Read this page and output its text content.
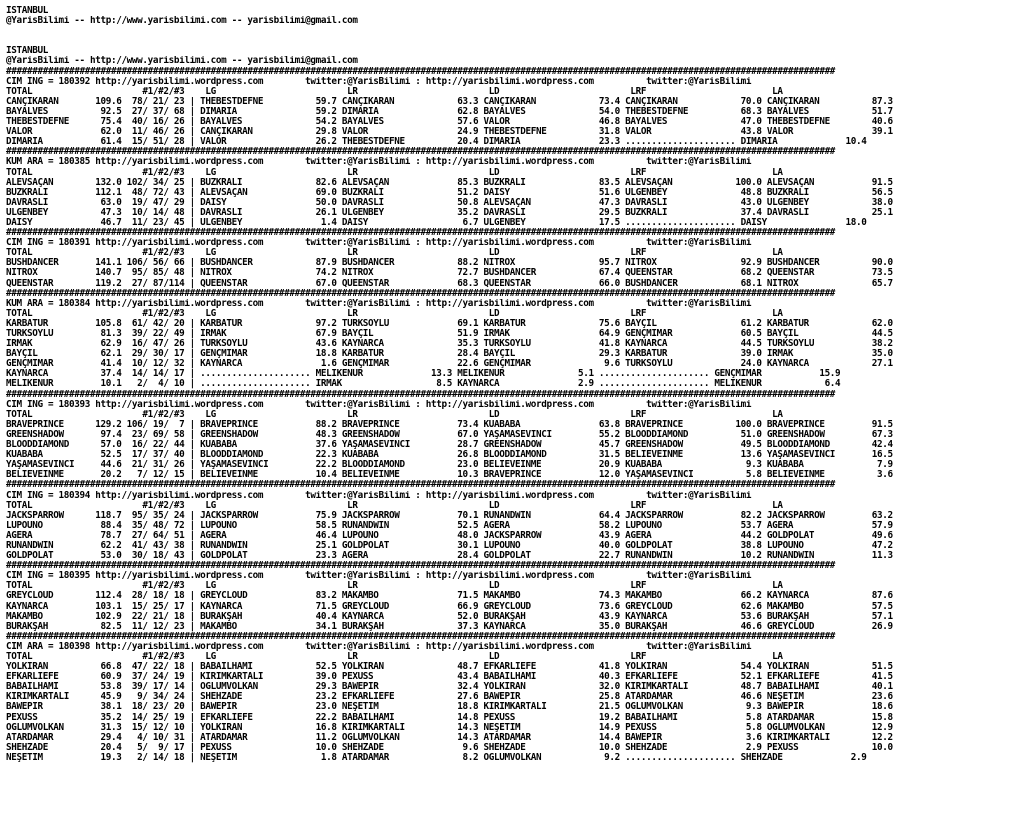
ISTANBUL
@YarisBilimi -- http://www.yarisbilimi.com -- yarisbilimi@gmail.com
ISTANBUL
@YarisBilimi -- http://www.yarisbilimi.com -- yarisbilimi@gmail.com
##############################################################################################################################################################
CIM ING = 180392 http://yarisbilimi.wordpress.com        twitter:@YarisBilimi : http://yarisbilimi.wordpress.com          twitter:@YarisBilimi
TOTAL                     #1/#2/#3    LG                         LR                         LD                         LRF                        LA
CANÇIKARAN       109.6  78/ 21/ 23 | THEBESTDEFNE          59.7 CANÇIKARAN            63.3 CANÇIKARAN            73.4 CANÇIKARAN            70.0 CANÇIKARAN          87.3
BAYALVES          92.5  27/ 37/ 68 | DIMARIA               59.2 DIMARIA               62.8 BAYALVES              54.0 THEBESTDEFNE          68.3 BAYALVES            51.7
THEBESTDEFNE      75.4  40/ 16/ 26 | BAYALVES              54.2 BAYALVES              57.6 VALOR                 46.8 BAYALVES              47.0 THEBESTDEFNE        40.6
VALOR             62.0  11/ 46/ 26 | CANÇIKARAN            29.8 VALOR                 24.9 THEBESTDEFNE          31.8 VALOR                 43.8 VALOR               39.1
DIMARIA           61.4  15/ 51/ 28 | VALOR                 26.2 THEBESTDEFNE          20.4 DIMARIA               23.3 ..................... DIMARIA             10.4
##############################################################################################################################################################
KUM ARA = 180385 http://yarisbilimi.wordpress.com        twitter:@YarisBilimi : http://yarisbilimi.wordpress.com          twitter:@YarisBilimi
TOTAL                     #1/#2/#3    LG                         LR                         LD                         LRF                        LA
ALEVSAÇAN        132.0 102/ 34/ 25 | BUZKRALI              82.6 ALEVSAÇAN             85.3 BUZKRALI              83.5 ALEVSAÇAN            100.0 ALEVSAÇAN           91.5
BUZKRALI         112.1  48/ 72/ 43 | ALEVSAÇAN             69.0 BUZKRALI              51.2 DAISY                 51.6 ÜLGENBEY              48.8 BUZKRALI            56.5
DAVRASLI          63.0  19/ 47/ 29 | DAISY                 50.0 DAVRASLI              50.8 ALEVSAÇAN             47.3 DAVRASLI              43.0 ÜLGENBEY            38.0
ÜLGENBEY          47.3  10/ 14/ 48 | DAVRASLI              26.1 ÜLGENBEY              35.2 DAVRASLI              29.5 BUZKRALI              37.4 DAVRASLI            25.1
DAISY             46.7  11/ 23/ 45 | ÜLGENBEY               1.4 DAISY                  6.7 ÜLGENBEY              17.5 ..................... DAISY               18.0
##############################################################################################################################################################
CIM ING = 180391 http://yarisbilimi.wordpress.com        twitter:@YarisBilimi : http://yarisbilimi.wordpress.com          twitter:@YarisBilimi
TOTAL                     #1/#2/#3    LG                         LR                         LD                         LRF                        LA
BUSHDANCER       141.1 106/ 56/ 66 | BUSHDANCER            87.9 BUSHDANCER            88.2 NITROX                95.7 NITROX                92.9 BUSHDANCER          90.0
NITROX           140.7  95/ 85/ 48 | NITROX                74.2 NITROX                72.7 BUSHDANCER            67.4 QUEENSTAR             68.2 QUEENSTAR           73.5
QUEENSTAR        119.2  27/ 87/114 | QUEENSTAR             67.0 QUEENSTAR             68.3 QUEENSTAR             66.0 BUSHDANCER            68.1 NITROX              65.7
##############################################################################################################################################################
KUM ARA = 180384 http://yarisbilimi.wordpress.com        twitter:@YarisBilimi : http://yarisbilimi.wordpress.com          twitter:@YarisBilimi
TOTAL                     #1/#2/#3    LG                         LR                         LD                         LRF                        LA
KARBATUR         105.8  61/ 42/ 20 | KARBATUR              97.2 TÜRKSOYLU             69.1 KARBATUR              75.6 BAYÇİL                61.2 KARBATUR            62.0
TÜRKSOYLU         81.3  39/ 22/ 49 | IRMAK                 67.9 BAYÇİL                51.9 IRMAK                 64.9 GENÇMİMAR             60.5 BAYÇİL              44.5
IRMAK             62.9  16/ 47/ 26 | TÜRKSOYLU             43.6 KAYNARCA              35.3 TÜRKSOYLU             41.8 KAYNARCA              44.5 TÜRKSOYLU           38.2
BAYÇİL            62.1  29/ 30/ 17 | GENÇMİMAR             18.8 KARBATUR              28.4 BAYÇİL                29.3 KARBATUR              39.0 IRMAK               35.0
GENÇMİMAR         41.4  10/ 12/ 32 | KAYNARCA               1.6 GENÇMİMAR             22.6 GENÇMİMAR              9.6 TÜRKSOYLU             24.0 KAYNARCA            27.1
KAYNARCA          37.4  14/ 14/ 17 | ..................... MELİKENUR             13.3 MELİKENUR              5.1 ..................... GENÇMİMAR           15.9
MELİKENUR         10.1   2/  4/ 10 | ..................... IRMAK                  8.5 KAYNARCA               2.9 ..................... MELİKENUR            6.4
##############################################################################################################################################################
CIM ING = 180393 http://yarisbilimi.wordpress.com        twitter:@YarisBilimi : http://yarisbilimi.wordpress.com          twitter:@YarisBilimi
TOTAL                     #1/#2/#3    LG                         LR                         LD                         LRF                        LA
BRAVEPRINCE      129.2 106/ 19/  7 | BRAVEPRINCE           88.2 BRAVEPRINCE           73.4 KUABABA               63.8 BRAVEPRINCE          100.0 BRAVEPRINCE         91.5
GREENSHADOW       97.4  23/ 69/ 58 | GREENSHADOW           48.3 GREENSHADOW           67.0 YAŞAMASEVİNCİ         55.2 BLOODDIAMOND          51.0 GREENSHADOW         67.3
BLOODDIAMOND      57.0  16/ 22/ 44 | KUABABA               37.6 YAŞAMASEVİNCİ         28.7 GREENSHADOW           45.7 GREENSHADOW           49.5 BLOODDIAMOND        42.4
KUABABA           52.5  17/ 37/ 40 | BLOODDIAMOND          22.3 KUABABA               26.8 BLOODDIAMOND          31.5 BELIEVEINME           13.6 YAŞAMASEVİNCİ       16.5
YAŞAMASEVİNCİ     44.6  21/ 31/ 26 | YAŞAMASEVİNCİ         22.2 BLOODDIAMOND          23.0 BELIEVEINME           20.9 KUABABA                9.3 KUABABA              7.9
BELIEVEINME       20.2   7/ 12/ 15 | BELIEVEINME           10.4 BELIEVEINME           10.3 BRAVEPRINCE           12.0 YAŞAMASEVİNCİ          5.8 BELIEVEINME          3.6
##############################################################################################################################################################
CIM ING = 180394 http://yarisbilimi.wordpress.com        twitter:@YarisBilimi : http://yarisbilimi.wordpress.com          twitter:@YarisBilimi
TOTAL                     #1/#2/#3    LG                         LR                         LD                         LRF                        LA
JACKSPARROW      118.7  95/ 35/ 24 | JACKSPARROW           75.9 JACKSPARROW           70.1 RUNANDWIN             64.4 JACKSPARROW           82.2 JACKSPARROW         63.2
LUPOUNO           88.4  35/ 48/ 72 | LUPOUNO               58.5 RUNANDWIN             52.5 AGERA                 58.2 LUPOUNO               53.7 AGERA               57.9
AGERA             78.7  27/ 64/ 51 | AGERA                 46.4 LUPOUNO               48.0 JACKSPARROW           43.9 AGERA                 44.2 GOLDPOLAT           49.6
RUNANDWIN         62.2  41/ 43/ 38 | RUNANDWIN             25.1 GOLDPOLAT             30.1 LUPOUNO               40.0 GOLDPOLAT             38.8 LUPOUNO             47.2
GOLDPOLAT         53.0  30/ 18/ 43 | GOLDPOLAT             23.3 AGERA                 28.4 GOLDPOLAT             22.7 RUNANDWIN             10.2 RUNANDWIN           11.3
##############################################################################################################################################################
CIM ING = 180395 http://yarisbilimi.wordpress.com        twitter:@YarisBilimi : http://yarisbilimi.wordpress.com          twitter:@YarisBilimi
TOTAL                     #1/#2/#3    LG                         LR                         LD                         LRF                        LA
GREYCLOUD        112.4  28/ 18/ 18 | GREYCLOUD             83.2 MAKAMBO               71.5 MAKAMBO               74.3 MAKAMBO               66.2 KAYNARCA            87.6
KAYNARCA         103.1  15/ 25/ 17 | KAYNARCA              71.5 GREYCLOUD             66.9 GREYCLOUD             73.6 GREYCLOUD             62.6 MAKAMBO             57.5
MAKAMBO          102.9  22/ 21/ 18 | BURAKŞAH              40.4 KAYNARCA              52.0 BURAKŞAH              43.9 KAYNARCA              53.6 BURAKŞAH            57.1
BURAKŞAH          82.5  11/ 12/ 23 | MAKAMBO               34.1 BURAKŞAH              37.3 KAYNARCA              35.0 BURAKŞAH              46.6 GREYCLOUD           26.9
##############################################################################################################################################################
CIM ARA = 180398 http://yarisbilimi.wordpress.com        twitter:@YarisBilimi : http://yarisbilimi.wordpress.com          twitter:@YarisBilimi
TOTAL                     #1/#2/#3    LG                         LR                         LD                         LRF                        LA
YOLKIRAN          66.8  47/ 22/ 18 | BABAİLHAMİ            52.5 YOLKIRAN              48.7 EFKARLIEFE            41.8 YOLKIRAN              54.4 YOLKIRAN            51.5
EFKARLIEFE        60.9  37/ 24/ 19 | KIRIMKARTALI          39.0 PEXUSS                43.4 BABAİLHAMİ            40.3 EFKARLIEFE            52.1 EFKARLIEFE          41.5
BABAİLHAMİ        53.8  39/ 17/ 14 | OGLUMVOLKAN           29.3 BAWEPIR               32.4 YOLKIRAN              32.0 KIRIMKARTALI          48.7 BABAİLHAMİ          40.1
KIRIMKARTALI      45.9   9/ 34/ 24 | SHEHZADE              23.2 EFKARLIEFE            27.6 BAWEPIR               25.8 ATARDAMAR             46.6 NEŞETİM             23.6
BAWEPIR           38.1  18/ 23/ 20 | BAWEPIR               23.0 NEŞETİM               18.8 KIRIMKARTALI          21.5 OGLUMVOLKAN            9.3 BAWEPIR             18.6
PEXUSS            35.2  14/ 25/ 19 | EFKARLIEFE            22.2 BABAİLHAMİ            14.8 PEXUSS                19.2 BABAİLHAMİ             5.8 ATARDAMAR           15.8
OGLUMVOLKAN       31.3  15/ 12/ 10 | YOLKIRAN              16.8 KIRIMKARTALI          14.3 NEŞETİM               14.9 PEXUSS                 5.8 OGLUMVOLKAN         12.9
ATARDAMAR         29.4   4/ 10/ 31 | ATARDAMAR             11.2 OGLUMVOLKAN           14.3 ATARDAMAR             14.4 BAWEPIR                3.6 KIRIMKARTALI        12.2
SHEHZADE          20.4   5/  9/ 17 | PEXUSS                10.0 SHEHZADE               9.6 SHEHZADE              10.0 SHEHZADE               2.9 PEXUSS              10.0
NEŞETİM           19.3   2/ 14/ 18 | NEŞETİM                1.8 ATARDAMAR              8.2 OGLUMVOLKAN            9.2 ..................... SHEHZADE             2.9
